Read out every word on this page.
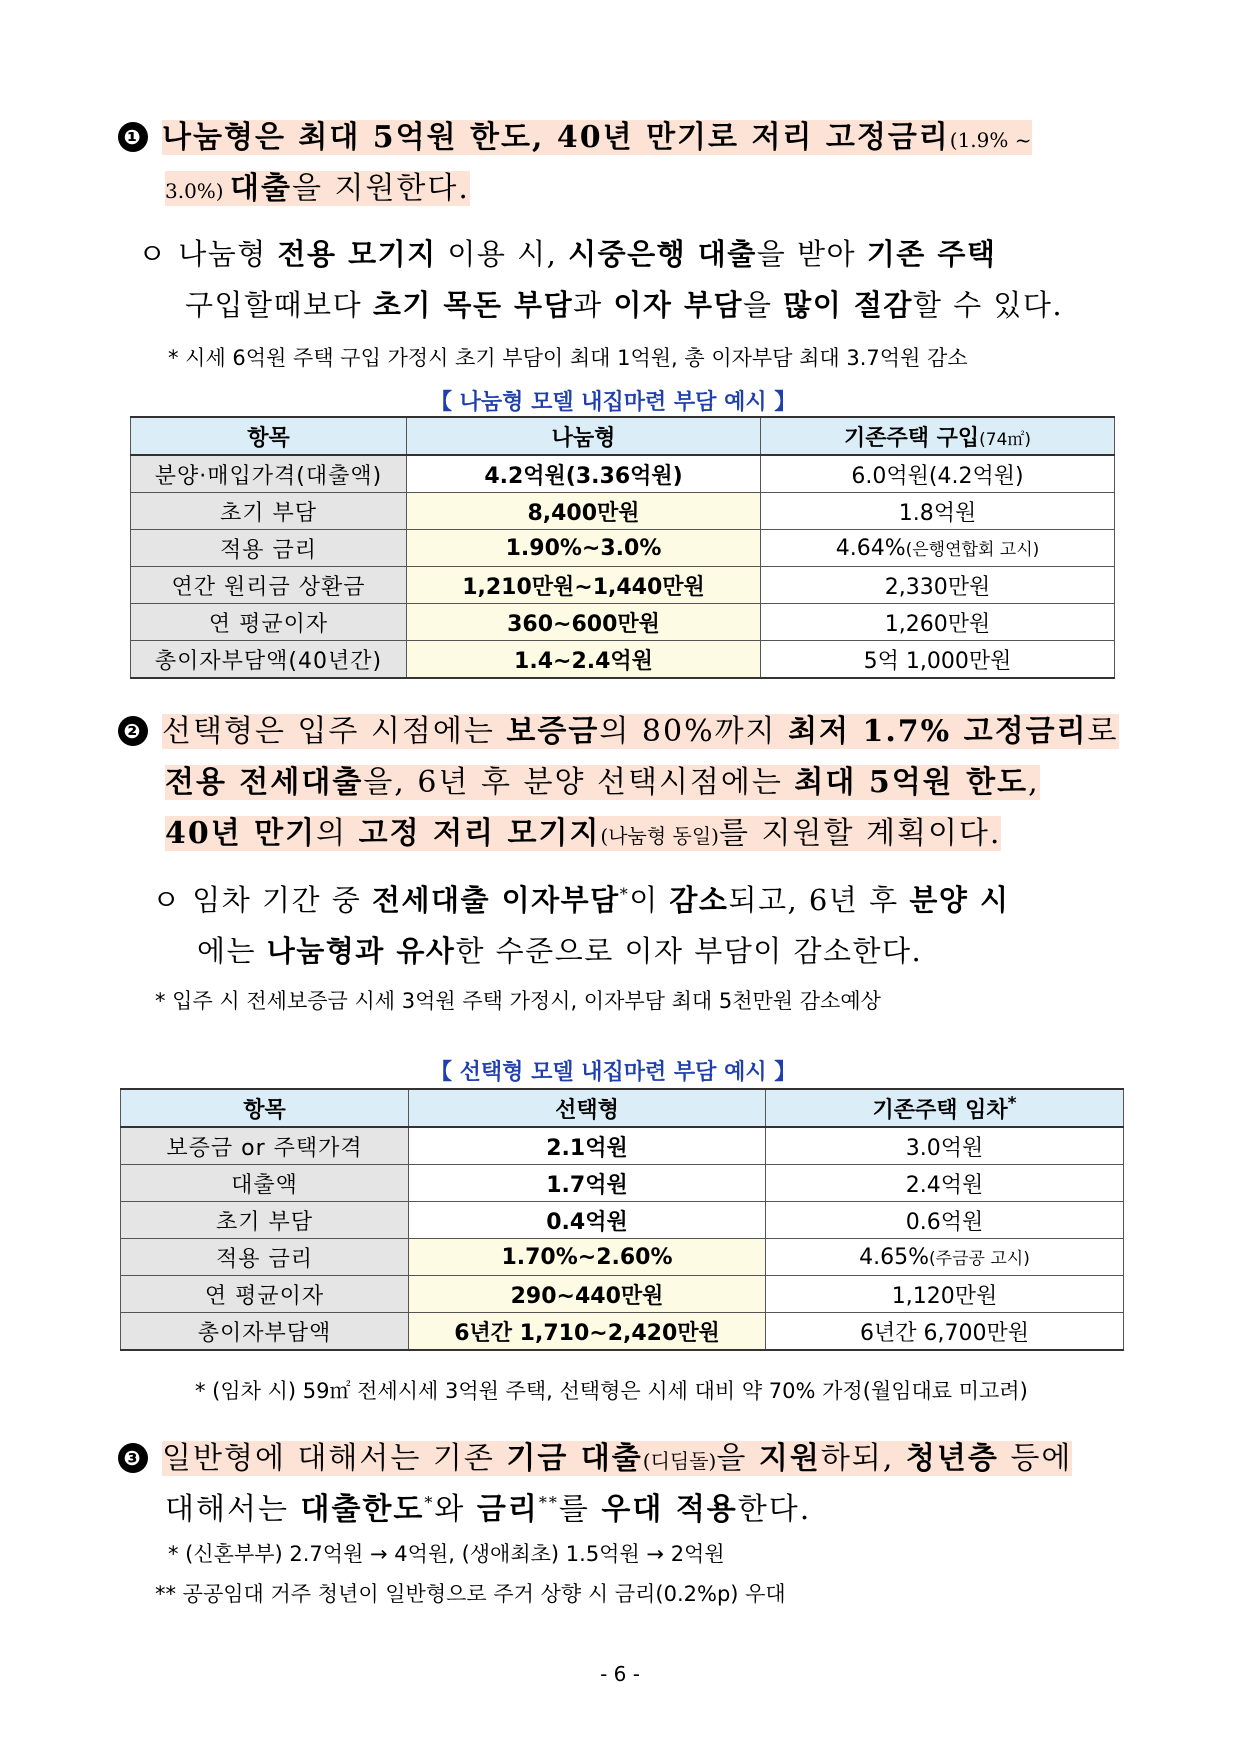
❶ 나눔형은 최대 5억원 한도, 40년 만기로 저리 고정금리(1.9% ~
3.0%) 대출을 지원한다.
ㅇ 나눔형 전용 모기지 이용 시, 시중은행 대출을 받아 기존 주택
구입할때보다 초기 목돈 부담과 이자 부담을 많이 절감할 수 있다.
* 시세 6억원 주택 구입 가정시 초기 부담이 최대 1억원, 총 이자부담 최대 3.7억원 감소
【 나눔형 모델 내집마련 부담 예시 】
항목	나눔형	기존주택 구입(74㎡)
분양·매입가격(대출액)	4.2억원(3.36억원)	6.0억원(4.2억원)
초기 부담	8,400만원	1.8억원
적용 금리	1.90%~3.0%	4.64%(은행연합회 고시)
연간 원리금 상환금	1,210만원~1,440만원	2,330만원
연 평균이자	360~600만원	1,260만원
총이자부담액(40년간)	1.4~2.4억원	5억 1,000만원
❷ 선택형은 입주 시점에는 보증금의 80%까지 최저 1.7% 고정금리로
전용 전세대출을, 6년 후 분양 선택시점에는 최대 5억원 한도,
40년 만기의 고정 저리 모기지(나눔형 동일)를 지원할 계획이다.
ㅇ 임차 기간 중 전세대출 이자부담*이 감소되고, 6년 후 분양 시
에는 나눔형과 유사한 수준으로 이자 부담이 감소한다.
* 입주 시 전세보증금 시세 3억원 주택 가정시, 이자부담 최대 5천만원 감소예상
【 선택형 모델 내집마련 부담 예시 】
항목	선택형	기존주택 임차*
보증금 or 주택가격	2.1억원	3.0억원
대출액	1.7억원	2.4억원
초기 부담	0.4억원	0.6억원
적용 금리	1.70%~2.60%	4.65%(주금공 고시)
연 평균이자	290~440만원	1,120만원
총이자부담액	6년간 1,710~2,420만원	6년간 6,700만원
* (임차 시) 59㎡ 전세시세 3억원 주택, 선택형은 시세 대비 약 70% 가정(월임대료 미고려)
❸ 일반형에 대해서는 기존 기금 대출(디딤돌)을 지원하되, 청년층 등에
대해서는 대출한도*와 금리**를 우대 적용한다.
* (신혼부부) 2.7억원 → 4억원, (생애최초) 1.5억원 → 2억원
** 공공임대 거주 청년이 일반형으로 주거 상향 시 금리(0.2%p) 우대
- 6 -
